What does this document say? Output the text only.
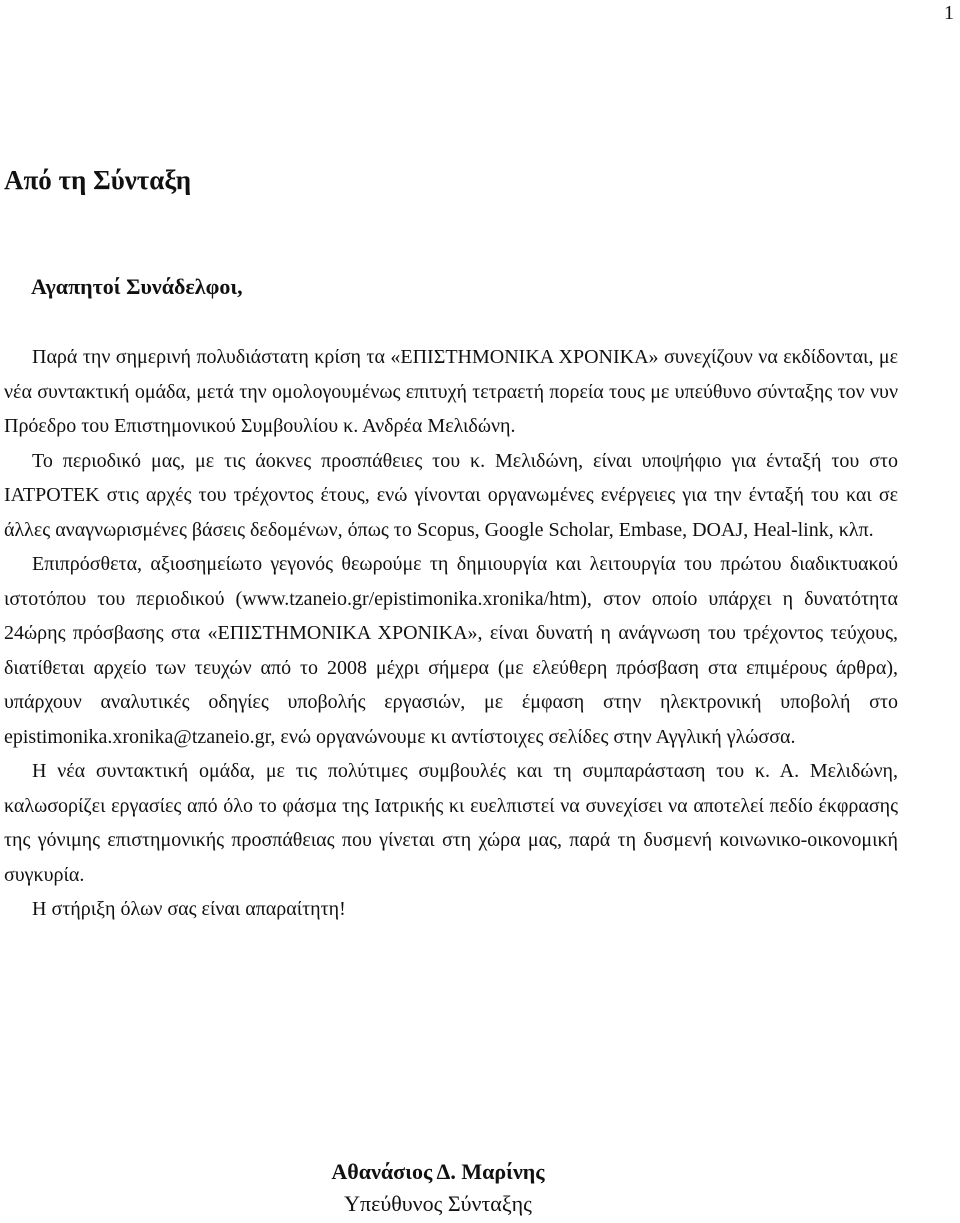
1
Από τη Σύνταξη

Αγαπητοί Συνάδελφοι,

Παρά την σημερινή πολυδιάστατη κρίση τα «ΕΠΙΣΤΗΜΟΝΙΚΑ ΧΡΟΝΙΚΑ» συνεχίζουν να εκδίδονται, με νέα συντακτική ομάδα, μετά την ομολογουμένως επιτυχή τετραετή πορεία τους με υπεύθυνο σύνταξης τον νυν Πρόεδρο του Επιστημονικού Συμβουλίου κ. Ανδρέα Μελιδώνη.

Το περιοδικό μας, με τις άοκνες προσπάθειες του κ. Μελιδώνη, είναι υποψήφιο για ένταξή του στο ΙΑΤΡΟΤΕΚ στις αρχές του τρέχοντος έτους, ενώ γίνονται οργανωμένες ενέργειες για την ένταξή του και σε άλλες αναγνωρισμένες βάσεις δεδομένων, όπως το Scopus, Google Scholar, Embase, DOAJ, Heal-link, κλπ.

Επιπρόσθετα, αξιοσημείωτο γεγονός θεωρούμε τη δημιουργία και λειτουργία του πρώτου διαδικτυακού ιστοτόπου του περιοδικού (www.tzaneio.gr/epistimonika.xronika/htm), στον οποίο υπάρχει η δυνατότητα 24ώρης πρόσβασης στα «ΕΠΙΣΤΗΜΟΝΙΚΑ ΧΡΟΝΙΚΑ», είναι δυνατή η ανάγνωση του τρέχοντος τεύχους, διατίθεται αρχείο των τευχών από το 2008 μέχρι σήμερα (με ελεύθερη πρόσβαση στα επιμέρους άρθρα), υπάρχουν αναλυτικές οδηγίες υποβολής εργασιών, με έμφαση στην ηλεκτρονική υποβολή στο epistimonika.xronika@tzaneio.gr, ενώ οργανώνουμε κι αντίστοιχες σελίδες στην Αγγλική γλώσσα.

Η νέα συντακτική ομάδα, με τις πολύτιμες συμβουλές και τη συμπαράσταση του κ. Α. Μελιδώνη, καλωσορίζει εργασίες από όλο το φάσμα της Ιατρικής κι ευελπιστεί να συνεχίσει να αποτελεί πεδίο έκφρασης της γόνιμης επιστημονικής προσπάθειας που γίνεται στη χώρα μας, παρά τη δυσμενή κοινωνικο-οικονομική συγκυρία.

Η στήριξη όλων σας είναι απαραίτητη!

Αθανάσιος Δ. Μαρίνης

Υπεύθυνος Σύνταξης
